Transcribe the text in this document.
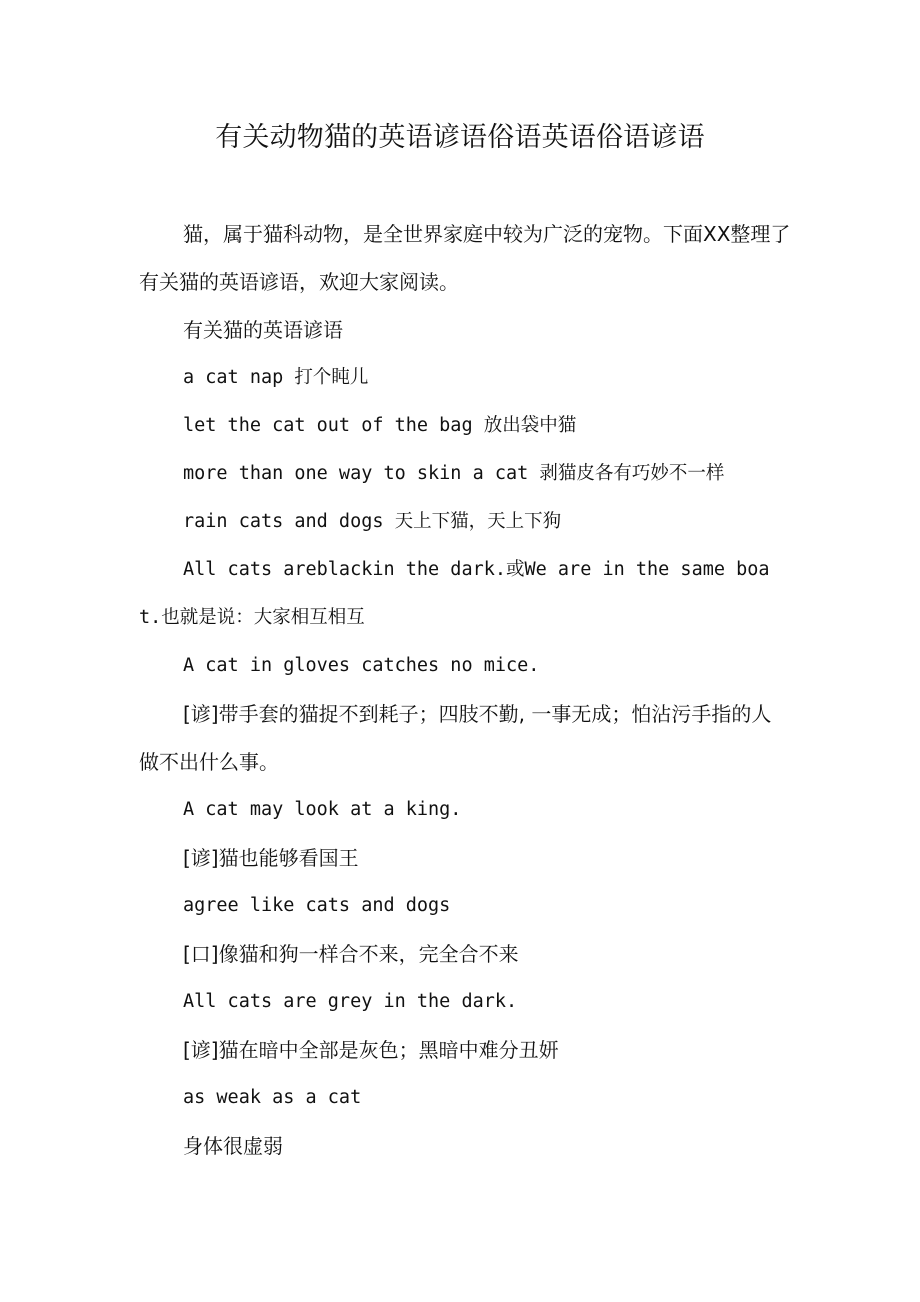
有关动物猫的英语谚语俗语英语俗语谚语

猫，属于猫科动物，是全世界家庭中较为广泛的宠物。下面XX整理了有关猫的英语谚语，欢迎大家阅读。

有关猫的英语谚语

a cat nap 打个盹儿

let the cat out of the bag 放出袋中猫

more than one way to skin a cat 剥猫皮各有巧妙不一样

rain cats and dogs 天上下猫，天上下狗

All cats areblackin the dark.或We are in the same boat.也就是说：大家相互相互

A cat in gloves catches no mice.

[谚]带手套的猫捉不到耗子；四肢不勤, 一事无成；怕沾污手指的人做不出什么事。

A cat may look at a king.

[谚]猫也能够看国王

agree like cats and dogs

[口]像猫和狗一样合不来，完全合不来

All cats are grey in the dark.

[谚]猫在暗中全部是灰色；黑暗中难分丑妍

as weak as a cat

身体很虚弱
